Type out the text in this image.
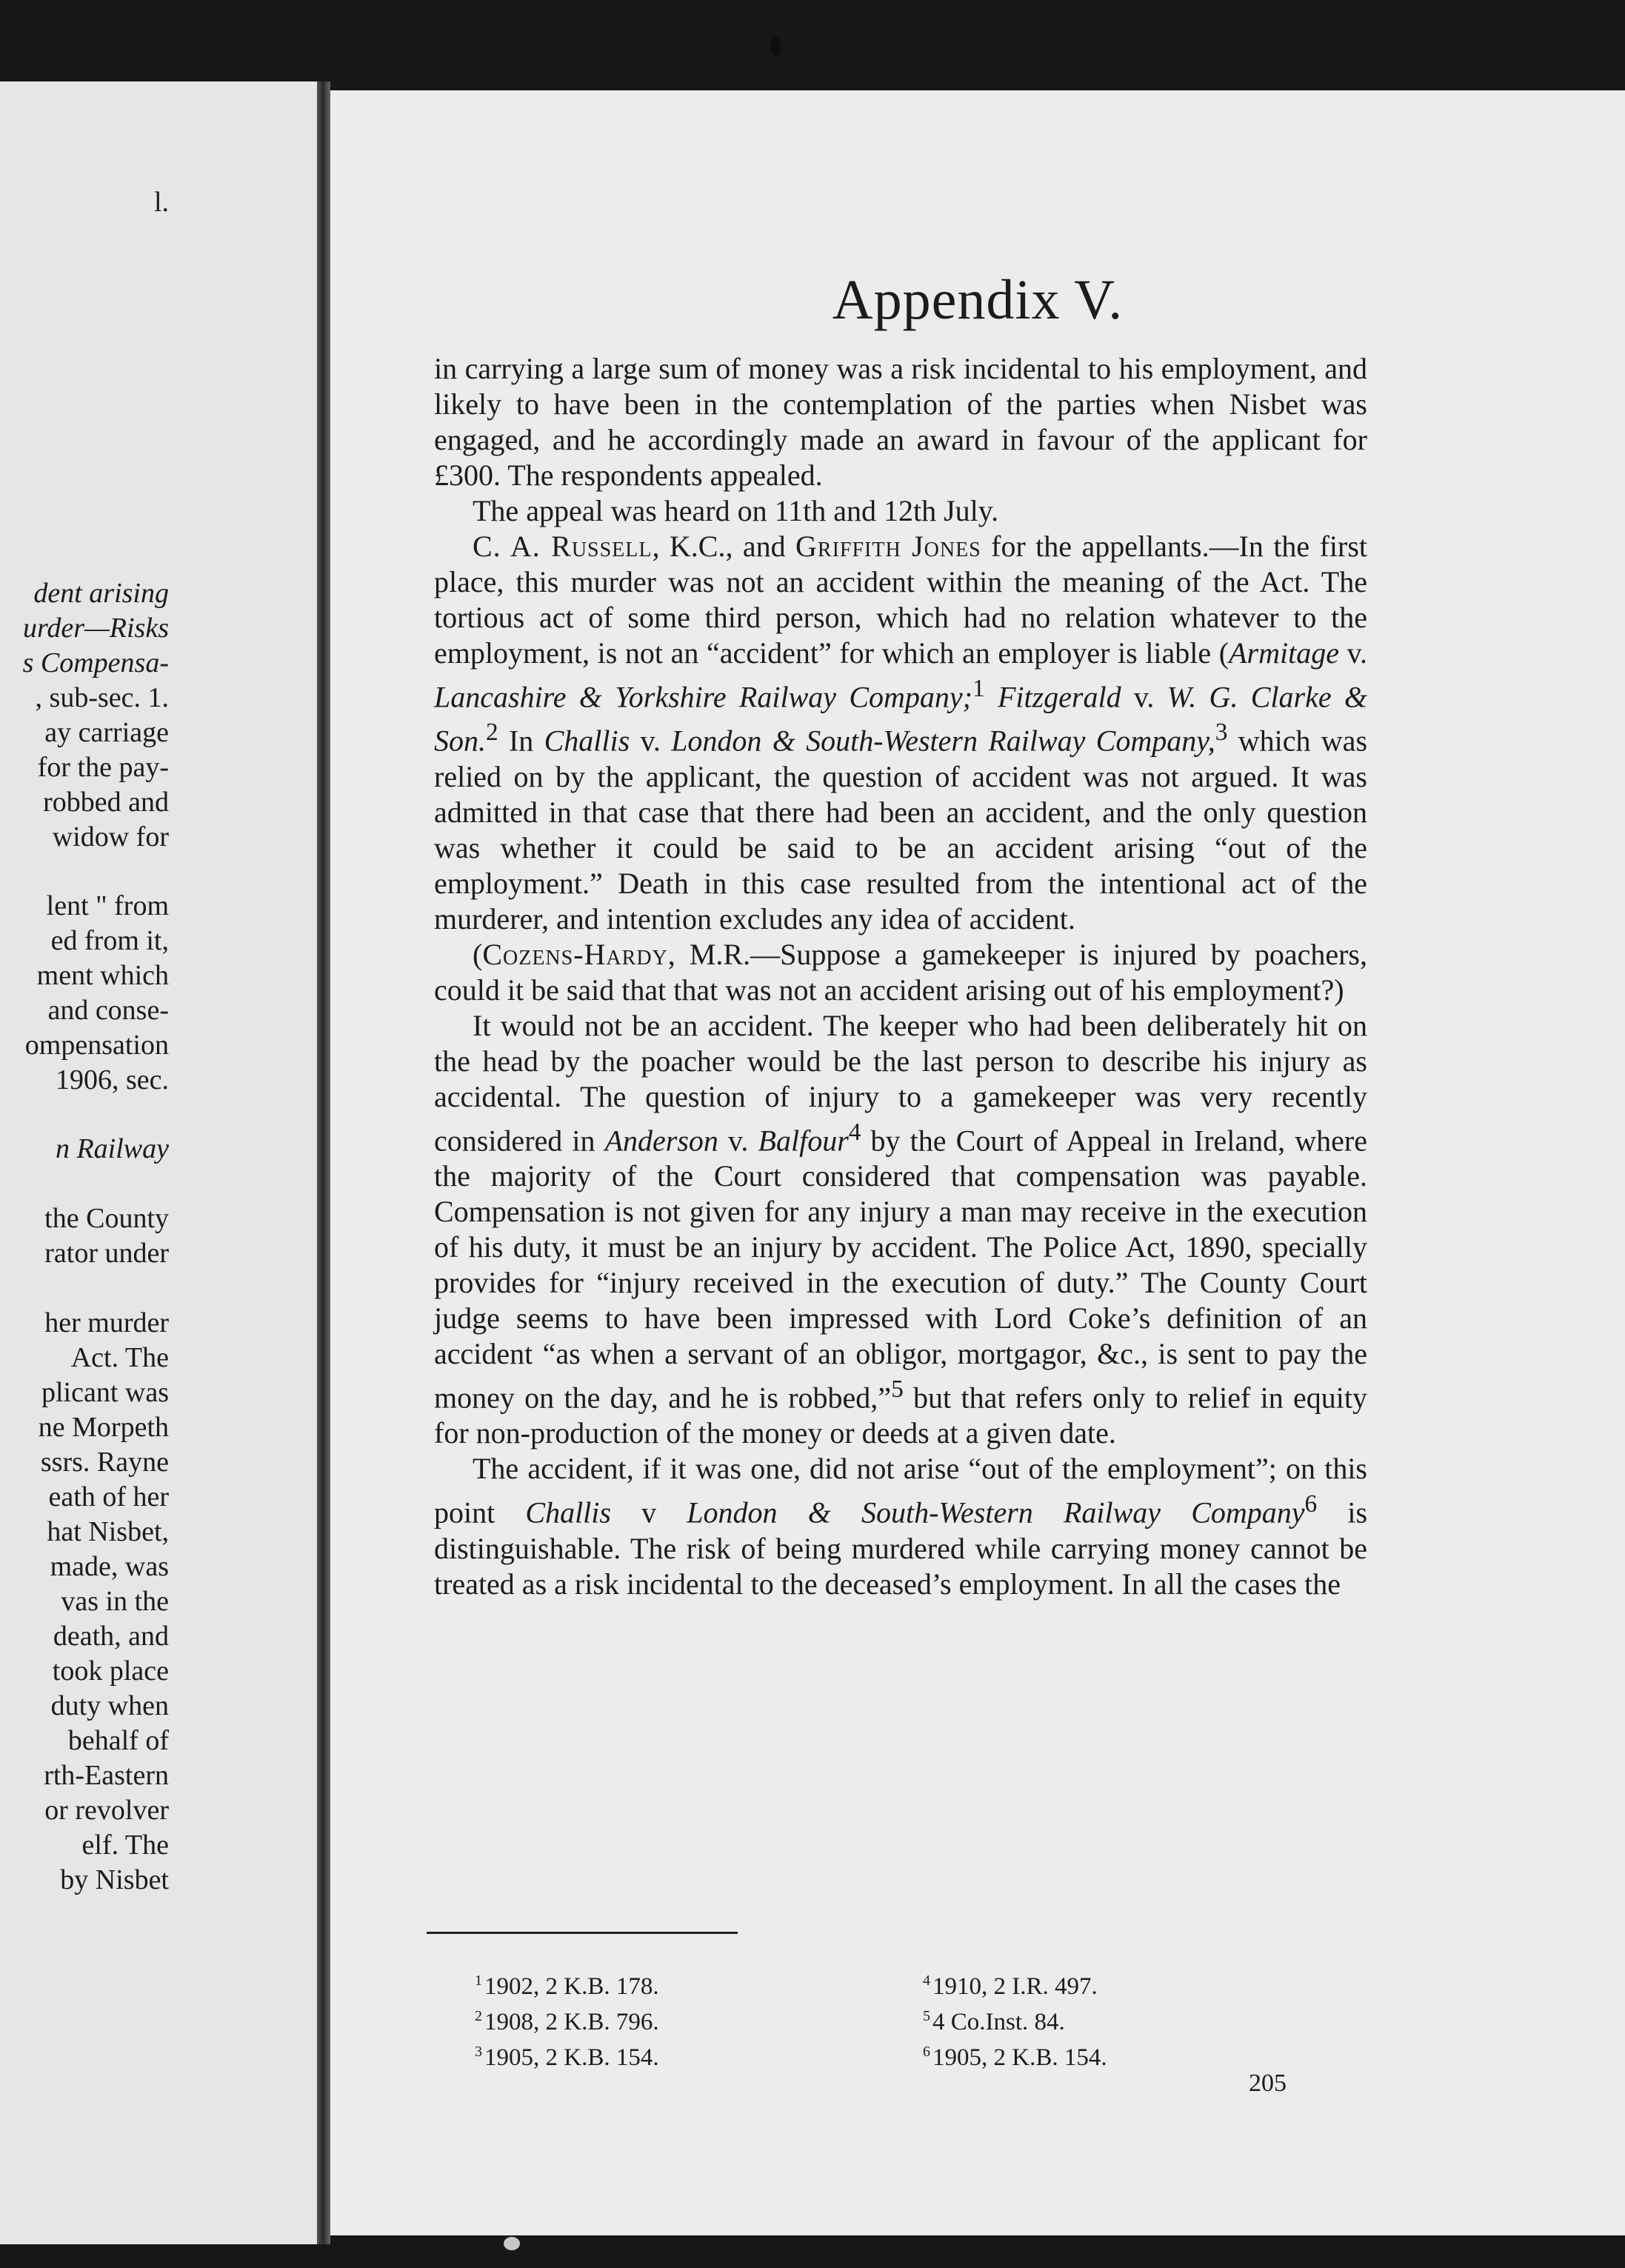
l.
dent arising
urder—Risks
s Compensa-
, sub-sec. 1.
ay carriage
for the pay-
robbed and
widow for
lent " from
ed from it,
ment which
and conse-
ompensation
1906, sec.
n Railway
the County
rator under
her murder
Act. The
plicant was
ne Morpeth
ssrs. Rayne
eath of her
hat Nisbet,
made, was
vas in the
death, and
took place
duty when
behalf of
rth-Eastern
or revolver
elf. The
by Nisbet
Appendix V.

in carrying a large sum of money was a risk incidental to his employment, and likely to have been in the contemplation of the parties when Nisbet was engaged, and he accordingly made an award in favour of the applicant for £300. The respondents appealed.

The appeal was heard on 11th and 12th July.

C. A. Russell, K.C., and Griffith Jones for the appellants.—In the first place, this murder was not an accident within the meaning of the Act. The tortious act of some third person, which had no relation whatever to the employment, is not an “accident” for which an employer is liable (Armitage v. Lancashire & Yorkshire Railway Company;$^1$ Fitzgerald v. W. G. Clarke & Son.$^2$ In Challis v. London & South-Western Railway Company,$^3$ which was relied on by the applicant, the question of accident was not argued. It was admitted in that case that there had been an accident, and the only question was whether it could be said to be an accident arising “out of the employment.” Death in this case resulted from the intentional act of the murderer, and intention excludes any idea of accident.

(Cozens-Hardy, M.R.—Suppose a gamekeeper is injured by poachers, could it be said that that was not an accident arising out of his employment?)

It would not be an accident. The keeper who had been deliberately hit on the head by the poacher would be the last person to describe his injury as accidental. The question of injury to a gamekeeper was very recently considered in Anderson v. Balfour$^4$ by the Court of Appeal in Ireland, where the majority of the Court considered that compensation was payable. Compensation is not given for any injury a man may receive in the execution of his duty, it must be an injury by accident. The Police Act, 1890, specially provides for “injury received in the execution of duty.” The County Court judge seems to have been impressed with Lord Coke’s definition of an accident “as when a servant of an obligor, mortgagor, &c., is sent to pay the money on the day, and he is robbed,”$^5$ but that refers only to relief in equity for non-production of the money or deeds at a given date.

The accident, if it was one, did not arise “out of the employment”; on this point Challis v London & South-Western Railway Company$^6$ is distinguishable. The risk of being murdered while carrying money cannot be treated as a risk incidental to the deceased’s employment. In all the cases the

$^1$1902, 2 K.B. 178.
$^2$1908, 2 K.B. 796.
$^3$1905, 2 K.B. 154.
$^4$1910, 2 I.R. 497.
$^5$4 Co.Inst. 84.
$^6$1905, 2 K.B. 154.
205
